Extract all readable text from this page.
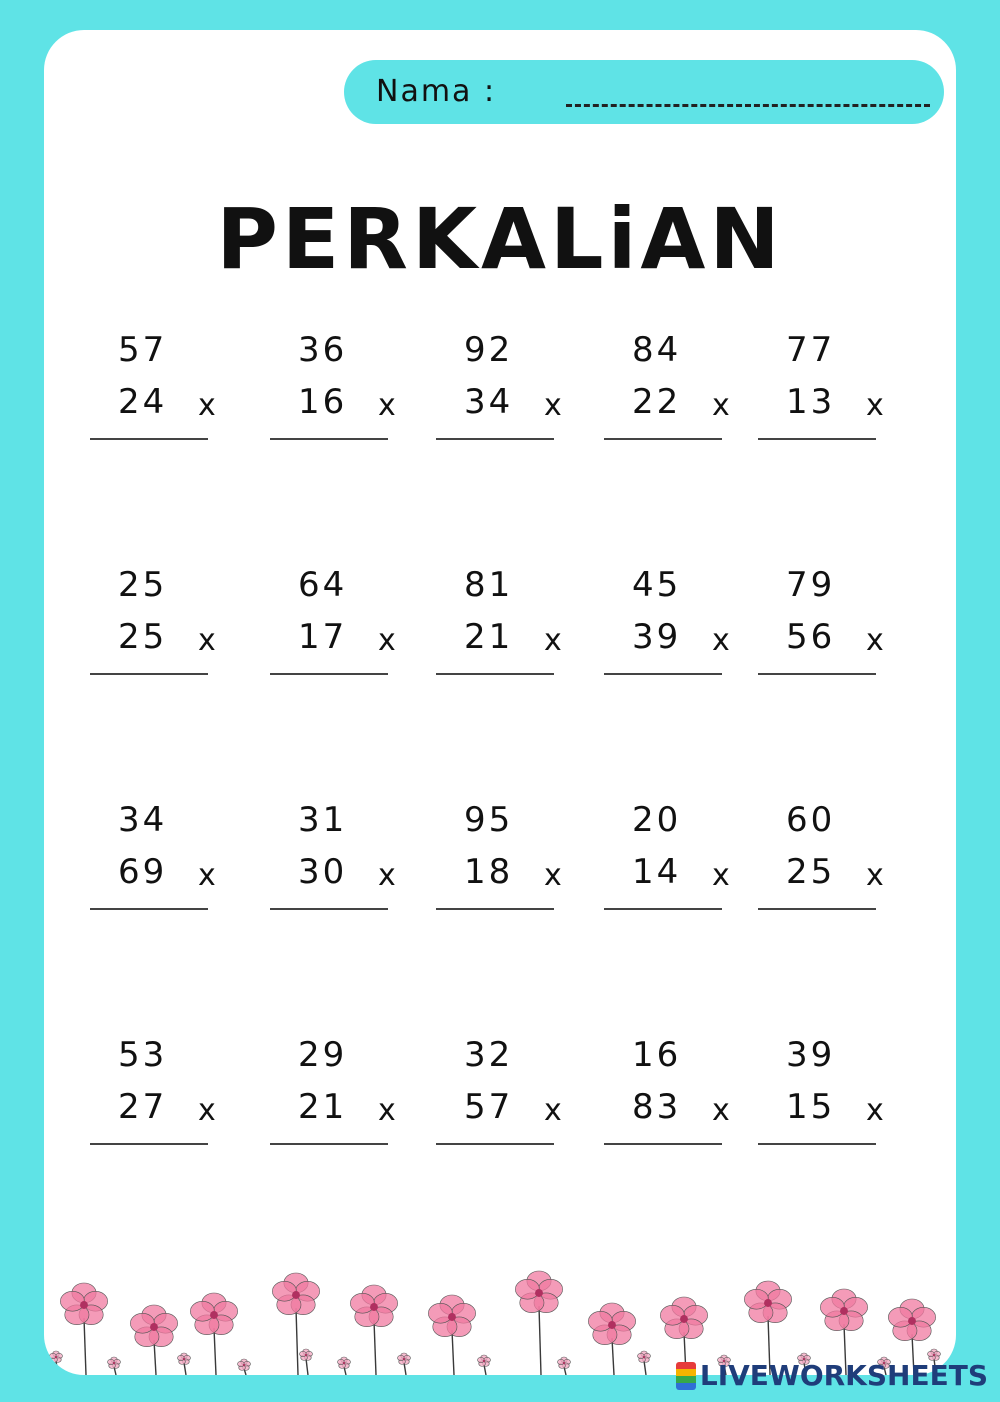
Nama :
PERKALiAN
57
24 x
36
16 x
92
34 x
84
22 x
77
13 x
25
25 x
64
17 x
81
21 x
45
39 x
79
56 x
34
69 x
31
30 x
95
18 x
20
14 x
60
25 x
53
27 x
29
21 x
32
57 x
16
83 x
39
15 x
LIVEWORKSHEETS
